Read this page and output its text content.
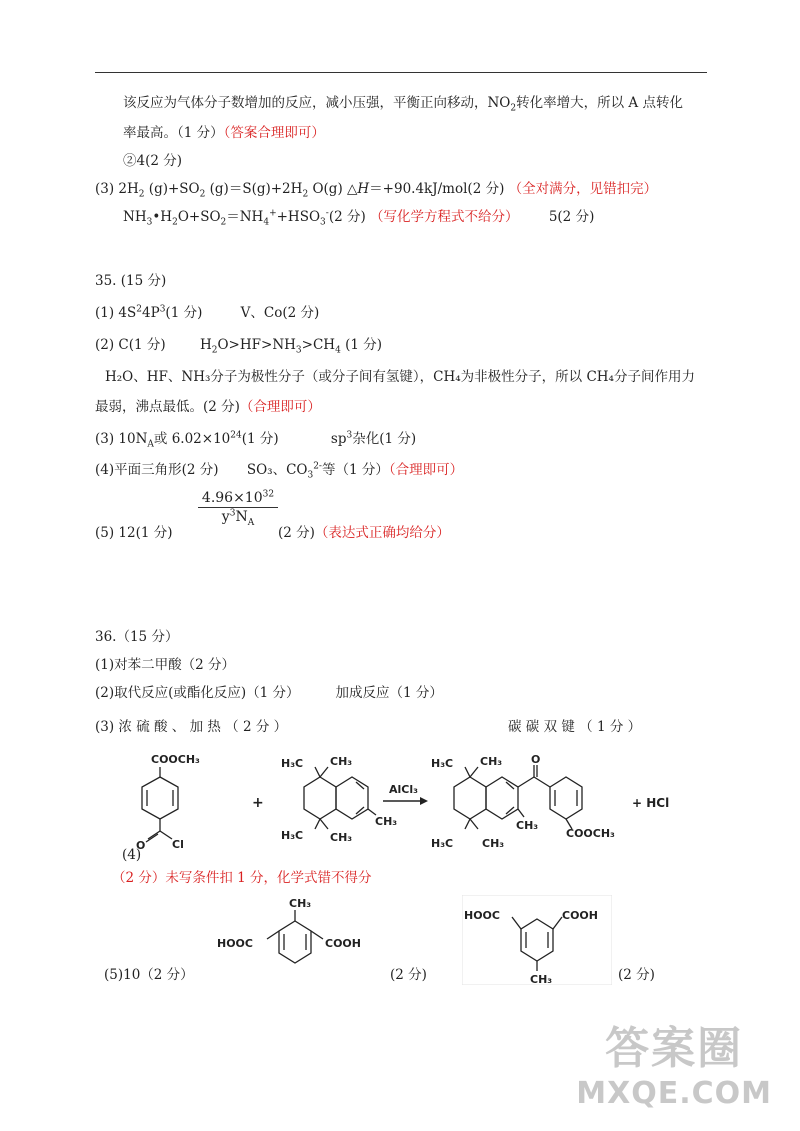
该反应为气体分子数增加的反应，减小压强，平衡正向移动，$NO_2$转化率增大，所以 A 点转化
率最高。（1 分）（答案合理即可）
②4(2 分)
(3) $2H_2$ $(g)+SO_2$ $(g)=S(g)+2H_2$ O(g) △H＝+90.4kJ/mol(2 分) （全对满分，见错扣完）
$NH_3•H_2O+SO_2=NH_4^++HSO_3^-(2$ 分) （写化学方程式不给分） 5(2 分)
35. (15 分)
(1) $4S^24P^3(1$ 分)	V、Co(2 分)
(2) C(1 分)	$H_2O>HF>NH_3>CH_4$ (1 分)
H₂O、HF、NH₃分子为极性分子（或分子间有氢键），CH₄为非极性分子，所以 CH₄分子间作用力
最弱，沸点最低。(2 分)（合理即可）
(3) $10N_A$或 $6.02\times 10^{24}(1$ 分)	$sp^3$杂化(1 分)
(4)平面三角形(2 分) SO₃、$CO_3^{2-}$等（1 分）（合理即可）
$\frac{4.96\times 10^{32}}{y^3N_A}$
(5) 12(1 分)	(2 分)（表达式正确均给分）
36.（15 分）
(1)对苯二甲酸（2 分）
(2)取代反应(或酯化反应)（1 分）	加成反应（1 分）
(3) 浓 硫 酸 、 加 热 （ 2 分 ）	碳 碳 双 键 （ 1 分 ）
COOCH₃
O Cl
+
H₃C CH₃
H₃C CH₃
CH₃
AlCl₃
H₃C CH₃
H₃C	CH₃
CH₃
O
COOCH₃
+ HCl
(4)
（2 分）未写条件扣 1 分，化学式错不得分
CH₃
HOOC	COOH
HOOC	COOH
CH₃
(5)10（2 分）	(2 分)	(2 分)
答案圈
MXQE.COM
